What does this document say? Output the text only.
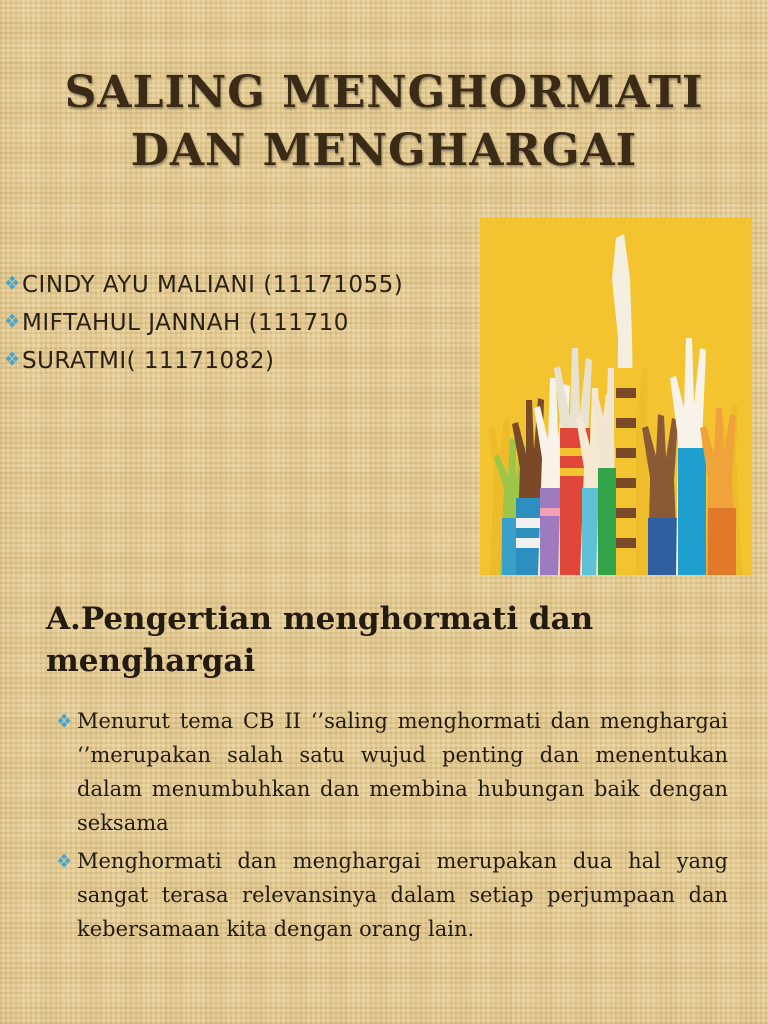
SALING MENGHORMATI
DAN MENGHARGAI
CINDY AYU MALIANI (11171055)
MIFTAHUL JANNAH (111710
SURATMI( 11171082)
A.Pengertian menghormati dan menghargai
Menurut tema CB II ‘’saling menghormati dan menghargai ‘’merupakan salah satu wujud penting dan menentukan dalam menumbuhkan dan membina hubungan baik dengan seksama
Menghormati dan menghargai merupakan dua hal yang sangat terasa relevansinya dalam setiap perjumpaan dan kebersamaan kita dengan orang lain.
